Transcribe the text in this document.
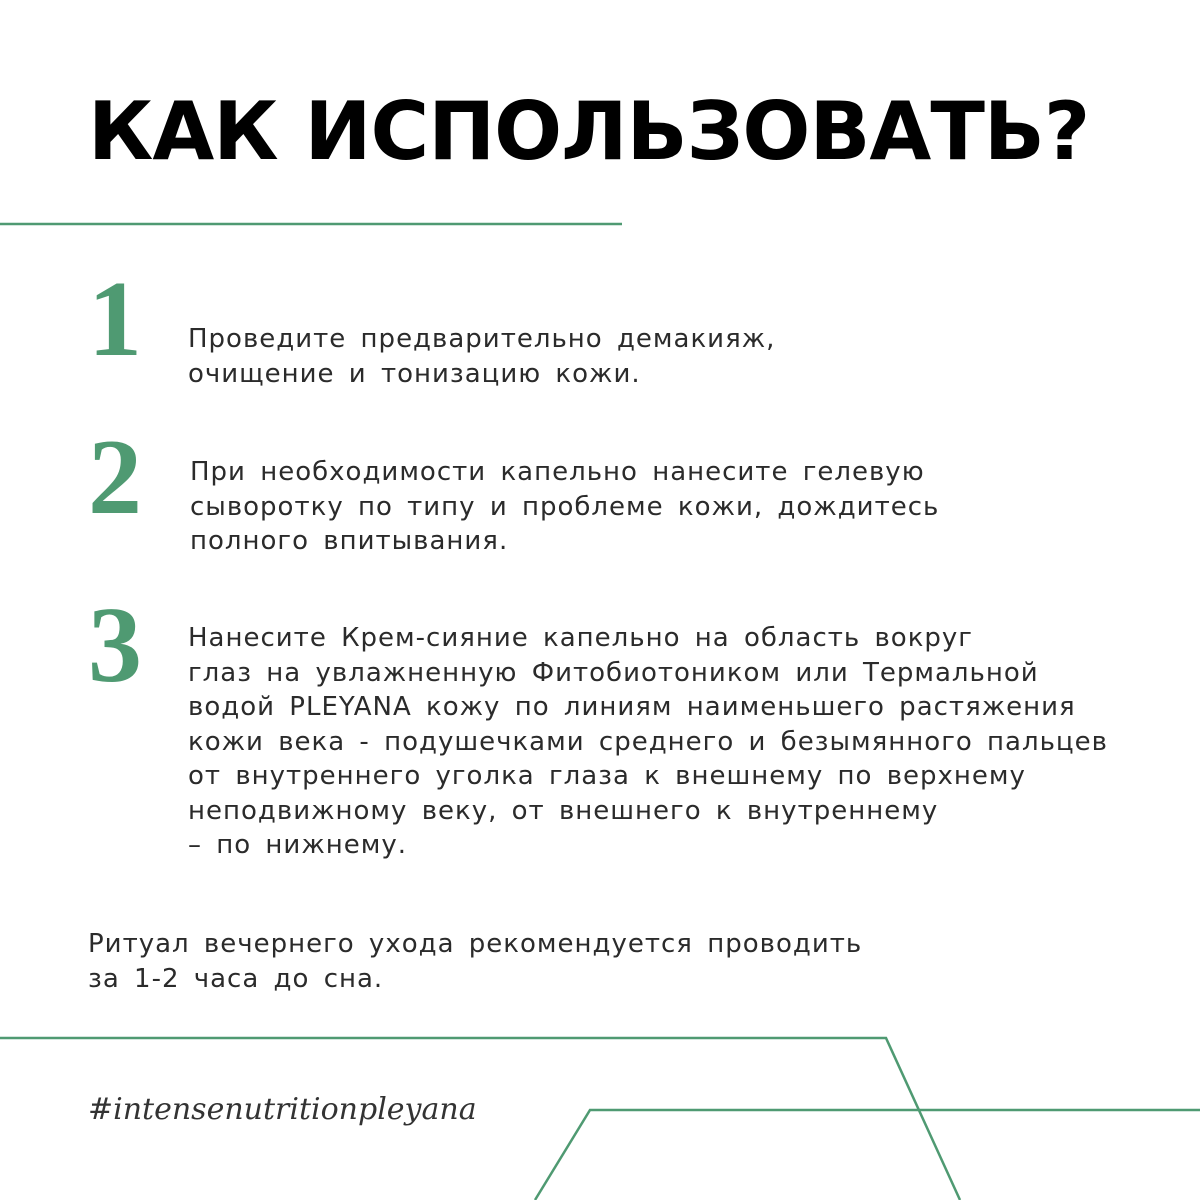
КАК ИСПОЛЬЗОВАТЬ?
1 Проведите предварительно демакияж,
очищение и тонизацию кожи.

2 При необходимости капельно нанесите гелевую
сыворотку по типу и проблеме кожи, дождитесь
полного впитывания.

3 Нанесите Крем-сияние капельно на область вокруг
глаз на увлажненную Фитобиотоником или Термальной
водой PLEYANA кожу по линиям наименьшего растяжения
кожи века - подушечками среднего и безымянного пальцев
от внутреннего уголка глаза к внешнему по верхнему
неподвижному веку, от внешнего к внутреннему
– по нижнему.

Ритуал вечернего ухода рекомендуется проводить
за 1-2 часа до сна.

#intensenutritionpleyana
